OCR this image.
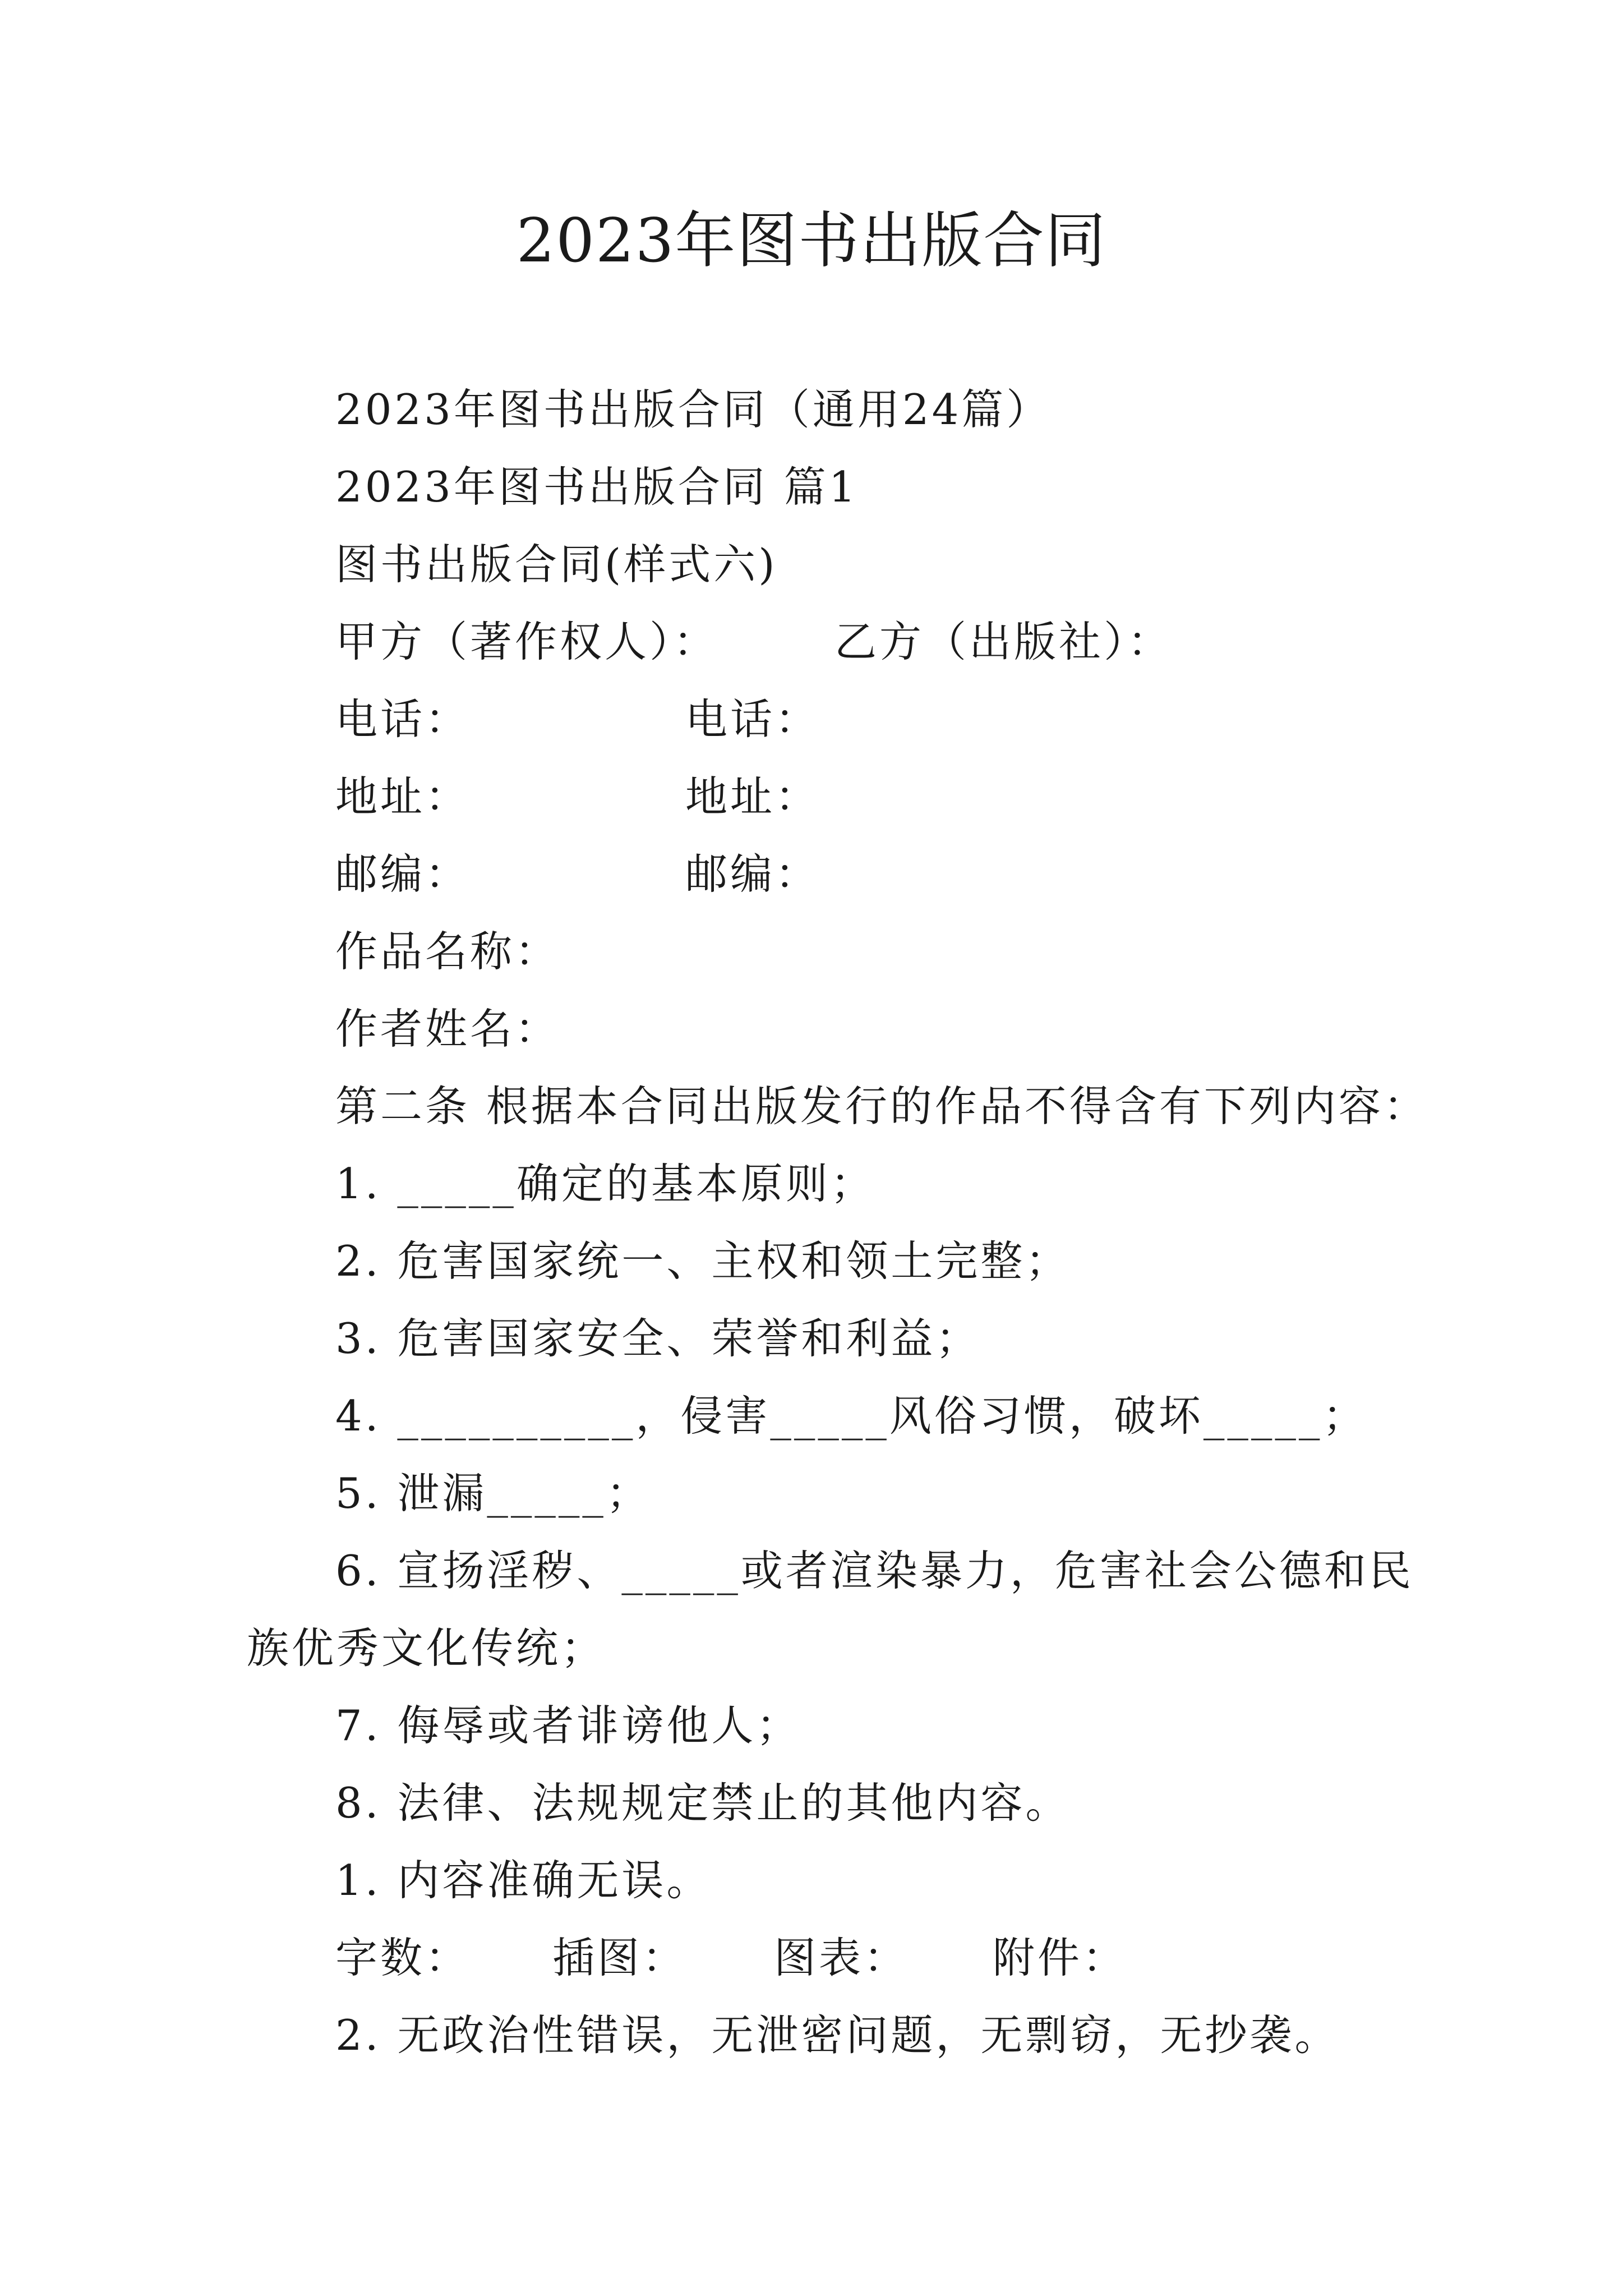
2023年图书出版合同
2023年图书出版合同（通用24篇）
2023年图书出版合同 篇1
图书出版合同(样式六)
甲方（著作权人）：	乙方（出版社）：
电话：	电话：
地址：	地址：
邮编：	邮编：
作品名称：
作者姓名：
第二条 根据本合同出版发行的作品不得含有下列内容：
1. _____确定的基本原则；
2. 危害国家统一、主权和领土完整；
3. 危害国家安全、荣誉和利益；
4. __________，侵害_____风俗习惯，破坏_____；
5. 泄漏_____；
6. 宣扬淫秽、_____或者渲染暴力，危害社会公德和民
族优秀文化传统；
7. 侮辱或者诽谤他人；
8. 法律、法规规定禁止的其他内容。
1. 内容准确无误。
字数： 插图： 图表： 附件：
2. 无政治性错误，无泄密问题，无剽窃，无抄袭。
